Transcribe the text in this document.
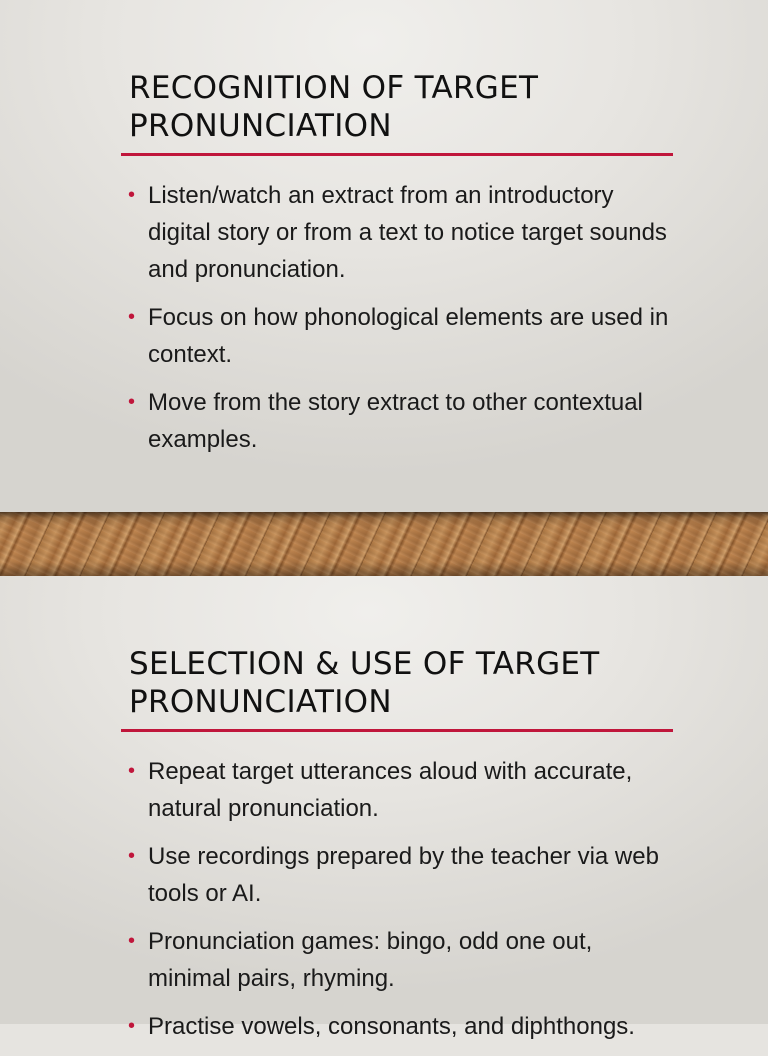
RECOGNITION OF TARGET
PRONUNCIATION
• Listen/watch an extract from an introductory digital story or from a text to notice target sounds and pronunciation.
• Focus on how phonological elements are used in context.
• Move from the story extract to other contextual examples.
SELECTION & USE OF TARGET
PRONUNCIATION
• Repeat target utterances aloud with accurate, natural pronunciation.
• Use recordings prepared by the teacher via web tools or AI.
• Pronunciation games: bingo, odd one out, minimal pairs, rhyming.
• Practise vowels, consonants, and diphthongs.
